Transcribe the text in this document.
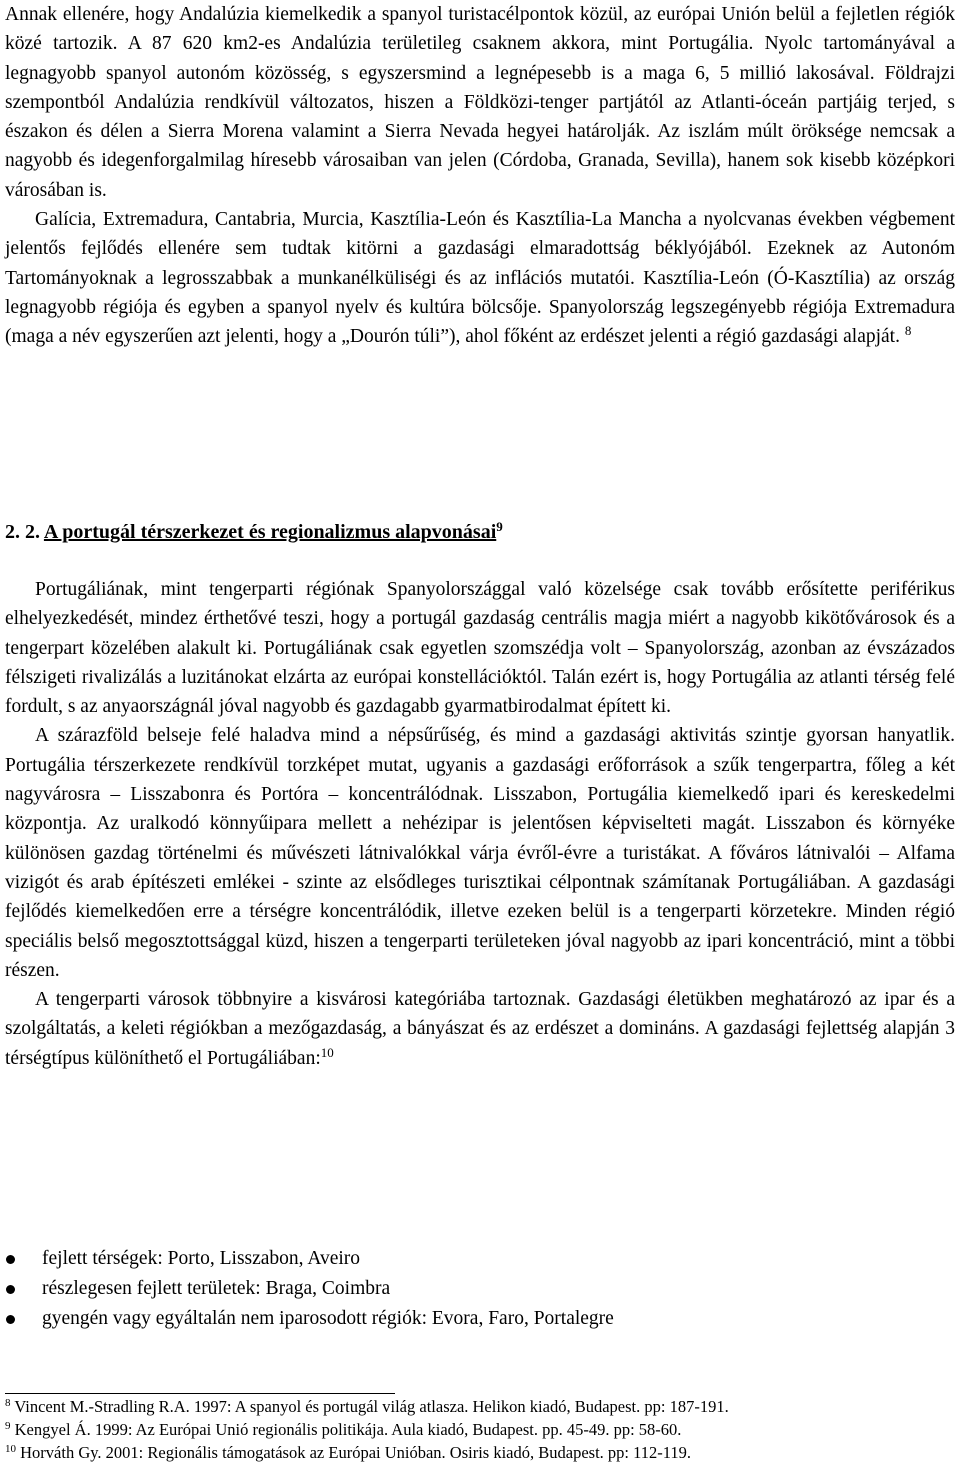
Annak ellenére, hogy Andalúzia kiemelkedik a spanyol turistacélpontok közül, az európai Unión belül a fejletlen régiók közé tartozik. A 87 620 km2-es Andalúzia területileg csaknem akkora, mint Portugália. Nyolc tartományával a legnagyobb spanyol autonóm közösség, s egyszersmind a legnépesebb is a maga 6, 5 millió lakosával. Földrajzi szempontból Andalúzia rendkívül változatos, hiszen a Földközi-tenger partjától az Atlanti-óceán partjáig terjed, s északon és délen a Sierra Morena valamint a Sierra Nevada hegyei határolják. Az iszlám múlt öröksége nemcsak a nagyobb és idegenforgalmilag híresebb városaiban van jelen (Córdoba, Granada, Sevilla), hanem sok kisebb középkori városában is.

Galícia, Extremadura, Cantabria, Murcia, Kasztília-León és Kasztília-La Mancha a nyolcvanas években végbement jelentős fejlődés ellenére sem tudtak kitörni a gazdasági elmaradottság béklyójából. Ezeknek az Autonóm Tartományoknak a legrosszabbak a munkanélküliségi és az inflációs mutatói. Kasztília-León (Ó-Kasztília) az ország legnagyobb régiója és egyben a spanyol nyelv és kultúra bölcsője. Spanyolország legszegényebb régiója Extremadura (maga a név egyszerűen azt jelenti, hogy a „Dourón túli”), ahol főként az erdészet jelenti a régió gazdasági alapját. $^8$

2. 2. A portugál térszerkezet és regionalizmus alapvonásai$^9$

Portugáliának, mint tengerparti régiónak Spanyolországgal való közelsége csak tovább erősítette periférikus elhelyezkedését, mindez érthetővé teszi, hogy a portugál gazdaság centrális magja miért a nagyobb kikötővárosok és a tengerpart közelében alakult ki. Portugáliának csak egyetlen szomszédja volt – Spanyolország, azonban az évszázados félszigeti rivalizálás a luzitánokat elzárta az európai konstellációktól. Talán ezért is, hogy Portugália az atlanti térség felé fordult, s az anyaországnál jóval nagyobb és gazdagabb gyarmatbirodalmat épített ki.

A szárazföld belseje felé haladva mind a népsűrűség, és mind a gazdasági aktivitás szintje gyorsan hanyatlik. Portugália térszerkezete rendkívül torzképet mutat, ugyanis a gazdasági erőforrások a szűk tengerpartra, főleg a két nagyvárosra – Lisszabonra és Portóra – koncentrálódnak. Lisszabon, Portugália kiemelkedő ipari és kereskedelmi központja. Az uralkodó könnyűipara mellett a nehézipar is jelentősen képviselteti magát. Lisszabon és környéke különösen gazdag történelmi és művészeti látnivalókkal várja évről-évre a turistákat. A főváros látnivalói – Alfama vizigót és arab építészeti emlékei - szinte az elsődleges turisztikai célpontnak számítanak Portugáliában. A gazdasági fejlődés kiemelkedően erre a térségre koncentrálódik, illetve ezeken belül is a tengerparti körzetekre. Minden régió speciális belső megosztottsággal küzd, hiszen a tengerparti területeken jóval nagyobb az ipari koncentráció, mint a többi részen.

A tengerparti városok többnyire a kisvárosi kategóriába tartoznak. Gazdasági életükben meghatározó az ipar és a szolgáltatás, a keleti régiókban a mezőgazdaság, a bányászat és az erdészet a domináns. A gazdasági fejlettség alapján 3 térségtípus különíthető el Portugáliában:$^{10}$

fejlett térségek: Porto, Lisszabon, Aveiro
részlegesen fejlett területek: Braga, Coimbra
gyengén vagy egyáltalán nem iparosodott régiók: Evora, Faro, Portalegre

$^8$ Vincent M.-Stradling R.A. 1997: A spanyol és portugál világ atlasza. Helikon kiadó, Budapest. pp: 187-191.

$^9$ Kengyel Á. 1999: Az Európai Unió regionális politikája. Aula kiadó, Budapest. pp. 45-49. pp: 58-60.

$^{10}$ Horváth Gy. 2001: Regionális támogatások az Európai Unióban. Osiris kiadó, Budapest. pp: 112-119.
